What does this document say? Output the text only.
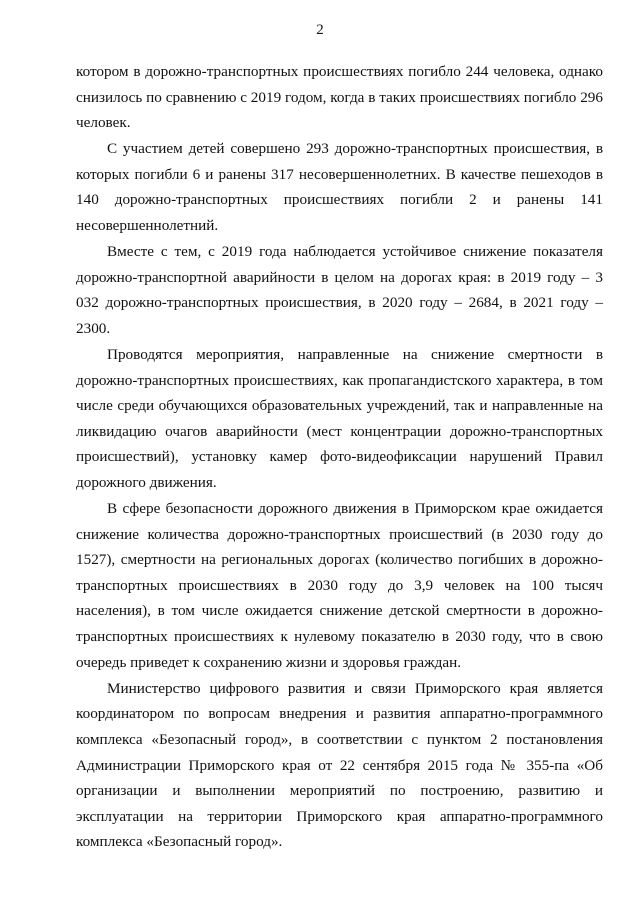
2

котором в дорожно-транспортных происшествиях погибло 244 человека, однако снизилось по сравнению с 2019 годом, когда в таких происшествиях погибло 296 человек.

С участием детей совершено 293 дорожно-транспортных происшествия, в которых погибли 6 и ранены 317 несовершеннолетних. В качестве пешеходов в 140 дорожно-транспортных происшествиях погибли 2 и ранены 141 несовершеннолетний.

Вместе с тем, с 2019 года наблюдается устойчивое снижение показателя дорожно-транспортной аварийности в целом на дорогах края: в 2019 году – 3 032 дорожно-транспортных происшествия, в 2020 году – 2684, в 2021 году – 2300.

Проводятся мероприятия, направленные на снижение смертности в дорожно-транспортных происшествиях, как пропагандистского характера, в том числе среди обучающихся образовательных учреждений, так и направленные на ликвидацию очагов аварийности (мест концентрации дорожно-транспортных происшествий), установку камер фото-видеофиксации нарушений Правил дорожного движения.

В сфере безопасности дорожного движения в Приморском крае ожидается снижение количества дорожно-транспортных происшествий (в 2030 году до 1527), смертности на региональных дорогах (количество погибших в дорожно-транспортных происшествиях в 2030 году до 3,9 человек на 100 тысяч населения), в том числе ожидается снижение детской смертности в дорожно-транспортных происшествиях к нулевому показателю в 2030 году, что в свою очередь приведет к сохранению жизни и здоровья граждан.

Министерство цифрового развития и связи Приморского края является координатором по вопросам внедрения и развития аппаратно-программного комплекса «Безопасный город», в соответствии с пунктом 2 постановления Администрации Приморского края от 22 сентября 2015 года № 355-па «Об организации и выполнении мероприятий по построению, развитию и эксплуатации на территории Приморского края аппаратно-программного комплекса «Безопасный город».
